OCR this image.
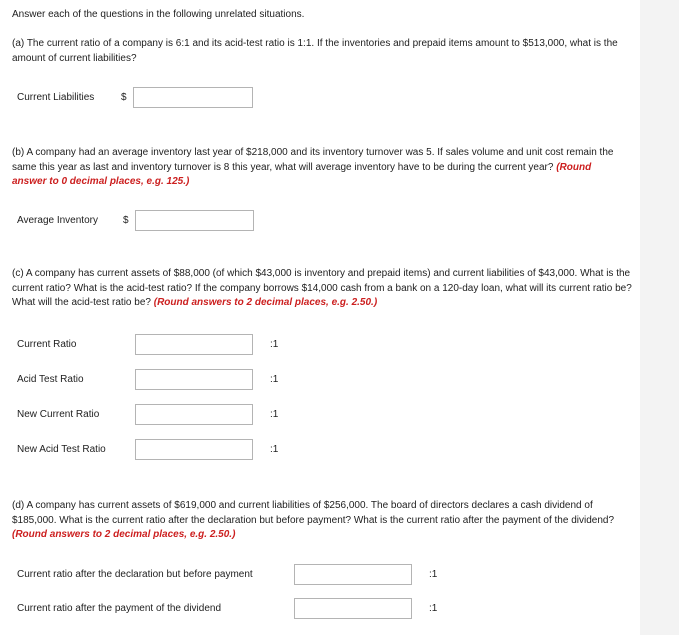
Answer each of the questions in the following unrelated situations.
(a) The current ratio of a company is 6:1 and its acid-test ratio is 1:1. If the inventories and prepaid items amount to $513,000, what is the amount of current liabilities?
Current Liabilities	$
(b) A company had an average inventory last year of $218,000 and its inventory turnover was 5. If sales volume and unit cost remain the same this year as last and inventory turnover is 8 this year, what will average inventory have to be during the current year? (Round answer to 0 decimal places, e.g. 125.)
Average Inventory	$
(c) A company has current assets of $88,000 (of which $43,000 is inventory and prepaid items) and current liabilities of $43,000. What is the current ratio? What is the acid-test ratio? If the company borrows $14,000 cash from a bank on a 120-day loan, what will its current ratio be? What will the acid-test ratio be? (Round answers to 2 decimal places, e.g. 2.50.)
Current Ratio	:1
Acid Test Ratio	:1
New Current Ratio	:1
New Acid Test Ratio	:1
(d) A company has current assets of $619,000 and current liabilities of $256,000. The board of directors declares a cash dividend of $185,000. What is the current ratio after the declaration but before payment? What is the current ratio after the payment of the dividend? (Round answers to 2 decimal places, e.g. 2.50.)
Current ratio after the declaration but before payment	:1
Current ratio after the payment of the dividend	:1
